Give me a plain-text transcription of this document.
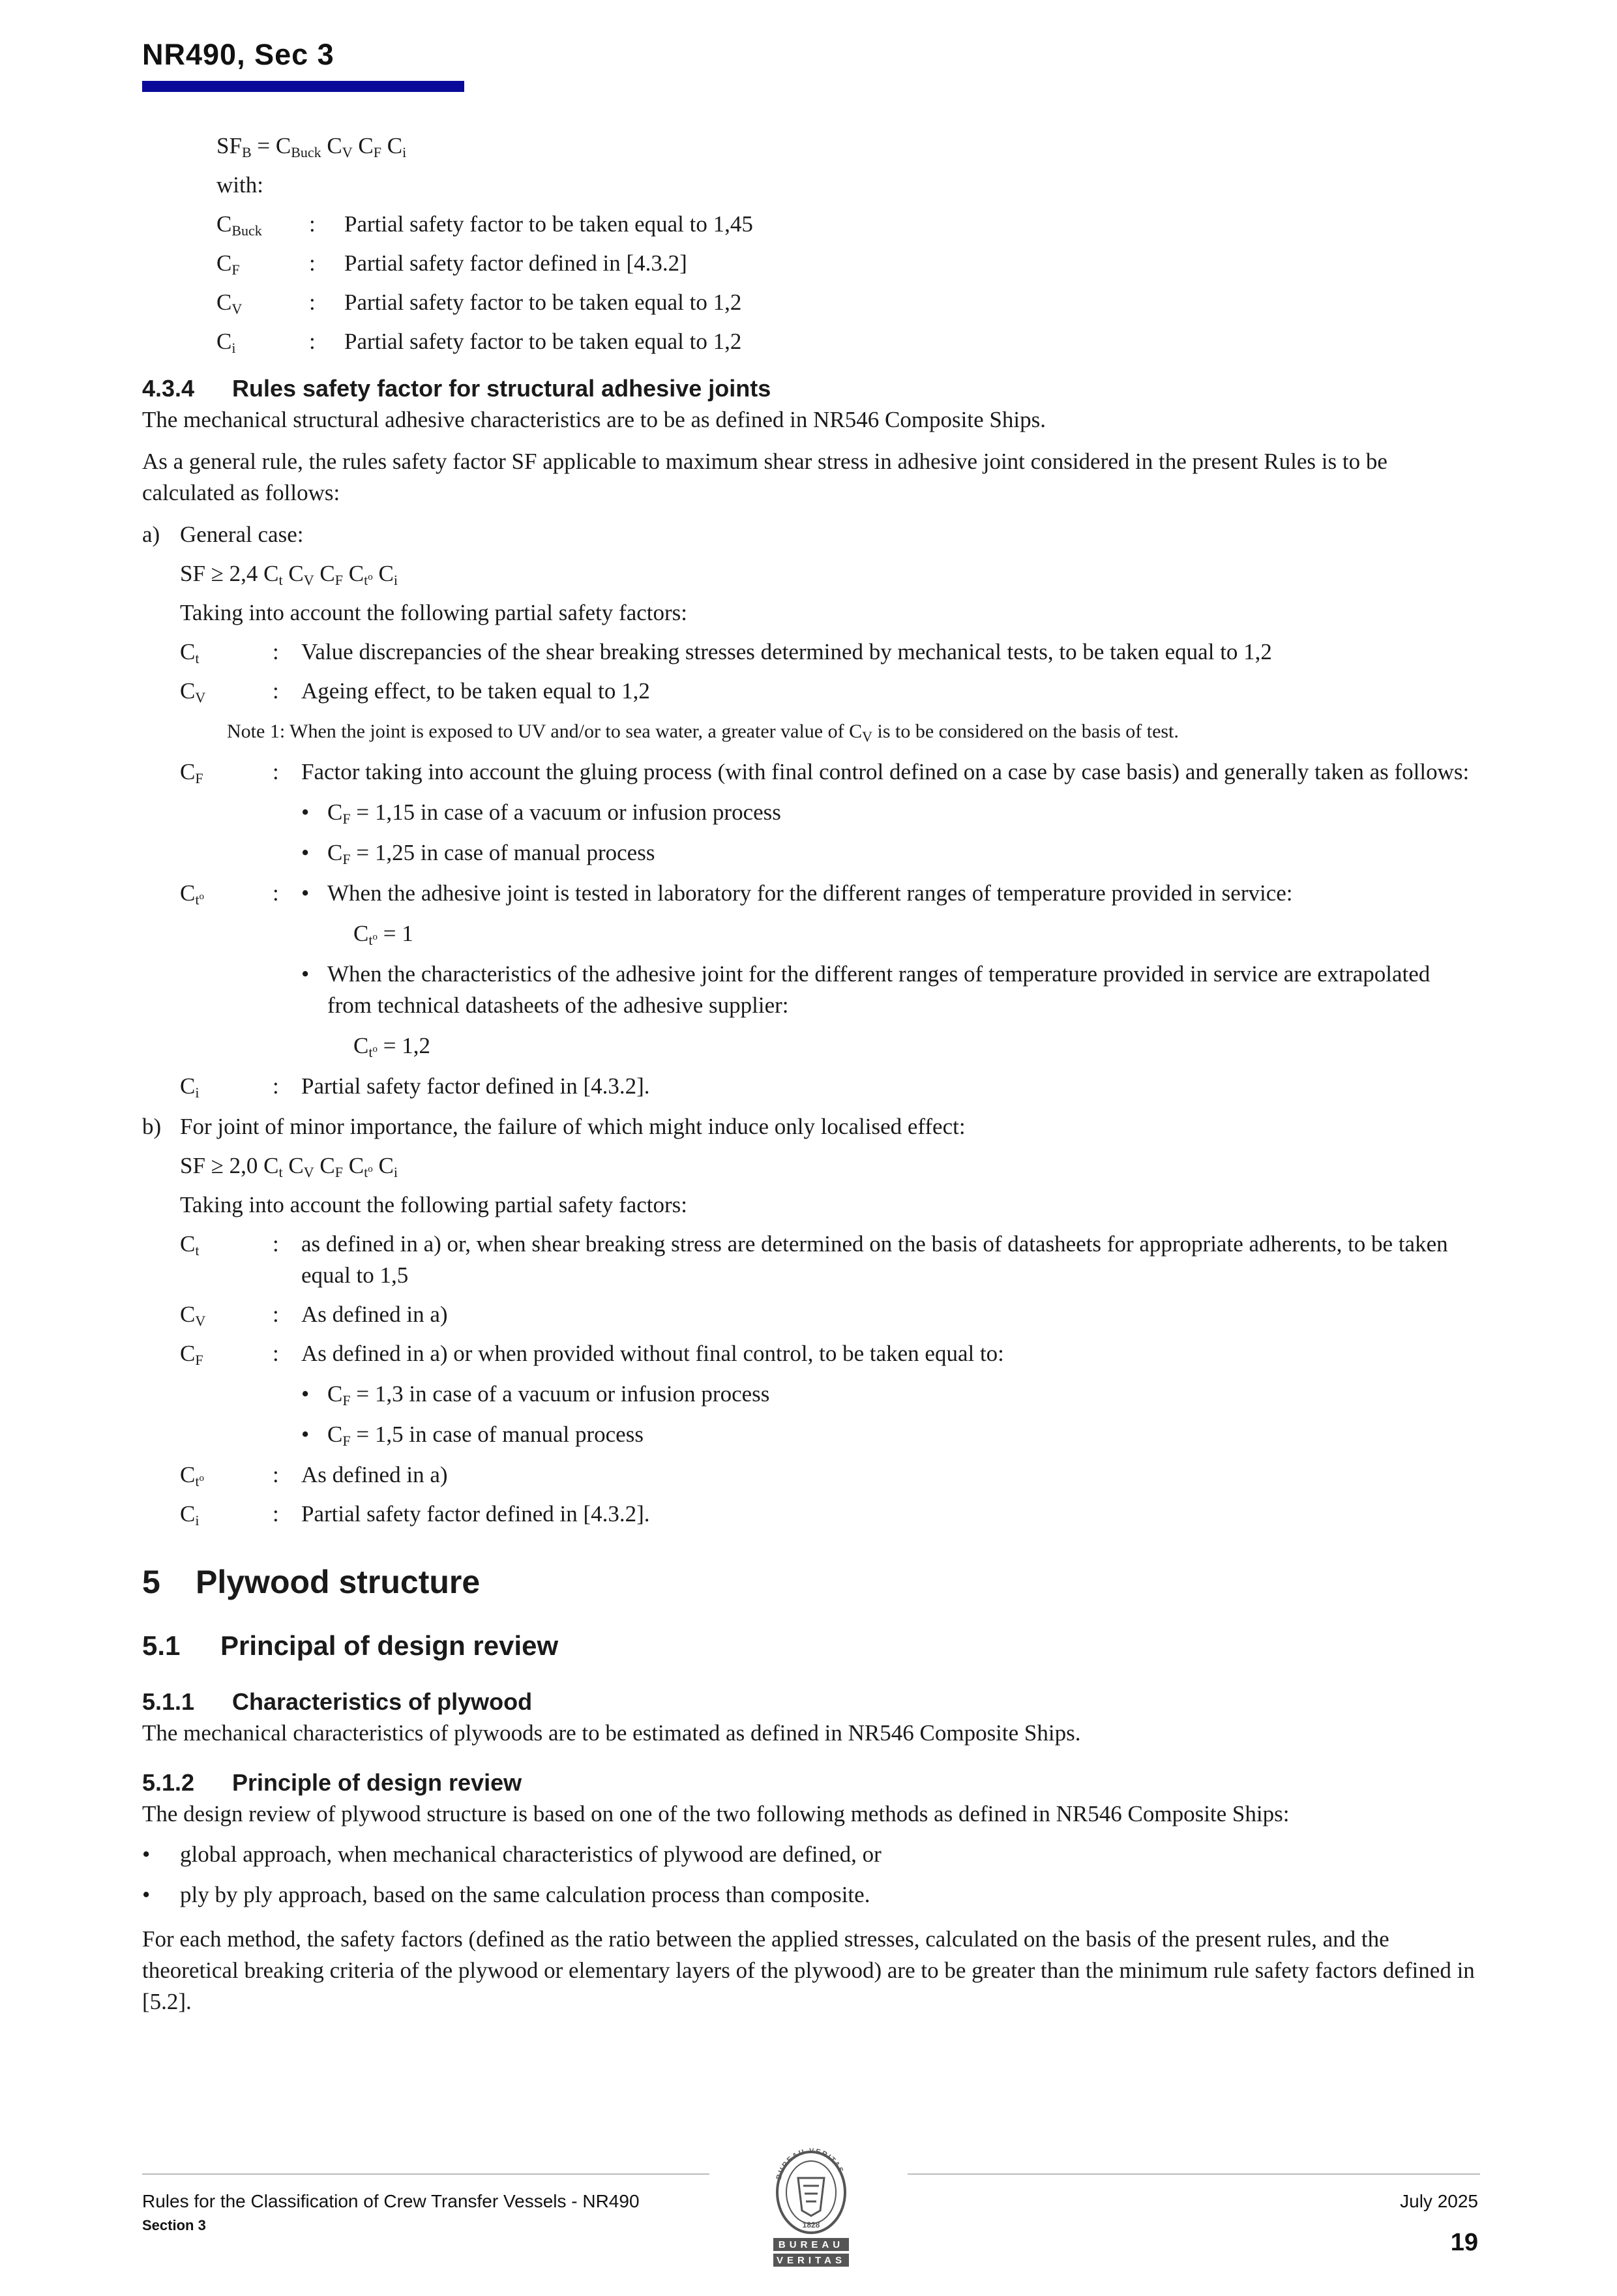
NR490, Sec 3

$SF_B = C_{Buck}$ $C_V$ $C_F$ $C_i$

with:

$C_{Buck}$	:	Partial safety factor to be taken equal to 1,45
$C_F$	:	Partial safety factor defined in [4.3.2]
$C_V$	:	Partial safety factor to be taken equal to 1,2
$C_i$	:	Partial safety factor to be taken equal to 1,2
4.3.4 Rules safety factor for structural adhesive joints

The mechanical structural adhesive characteristics are to be as defined in NR546 Composite Ships.

As a general rule, the rules safety factor SF applicable to maximum shear stress in adhesive joint considered in the present Rules is to be calculated as follows:

a) General case:

SF ≥ 2,4 $C_t$ $C_V$ $C_F$ $C_{t^o}$ $C_i$

Taking into account the following partial safety factors:

$C_t$	: Value discrepancies of the shear breaking stresses determined by mechanical tests, to be taken equal to 1,2
$C_V$	: Ageing effect, to be taken equal to 1,2

Note 1: When the joint is exposed to UV and/or to sea water, a greater value of $C_V$ is to be considered on the basis of test.

$C_F$	: Factor taking into account the gluing process (with final control defined on a case by case basis) and generally taken as follows:

• $C_F = 1,15$ in case of a vacuum or infusion process

• $C_F = 1,25$ in case of manual process

$C_{t^o}$	: • When the adhesive joint is tested in laboratory for the different ranges of temperature provided in service:

$C_{t^o} = 1$

• When the characteristics of the adhesive joint for the different ranges of temperature provided in service are extrapolated from technical datasheets of the adhesive supplier:

$C_{t^o} = 1,2$

$C_i$	: Partial safety factor defined in [4.3.2].
b) For joint of minor importance, the failure of which might induce only localised effect:

SF ≥ 2,0 $C_t$ $C_V$ $C_F$ $C_{t^o}$ $C_i$

Taking into account the following partial safety factors:

$C_t$	: as defined in a) or, when shear breaking stress are determined on the basis of datasheets for appropriate adherents, to be taken equal to 1,5
$C_V$	: As defined in a)
$C_F$	: As defined in a) or when provided without final control, to be taken equal to:

• $C_F = 1,3$ in case of a vacuum or infusion process

• $C_F = 1,5$ in case of manual process

$C_{t^o}$	: As defined in a)
$C_i$	: Partial safety factor defined in [4.3.2].
5 Plywood structure
5.1 Principal of design review
5.1.1 Characteristics of plywood

The mechanical characteristics of plywoods are to be estimated as defined in NR546 Composite Ships.

5.1.2 Principle of design review

The design review of plywood structure is based on one of the two following methods as defined in NR546 Composite Ships:

•	global approach, when mechanical characteristics of plywood are defined, or
•	ply by ply approach, based on the same calculation process than composite.

For each method, the safety factors (defined as the ratio between the applied stresses, calculated on the basis of the present rules, and the theoretical breaking criteria of the plywood or elementary layers of the plywood) are to be greater than the minimum rule safety factors defined in [5.2].

Rules for the Classification of Crew Transfer Vessels - NR490
Section 3
July 2025
19
BUREAU VERITAS
1828
BUREAU
VERITAS
